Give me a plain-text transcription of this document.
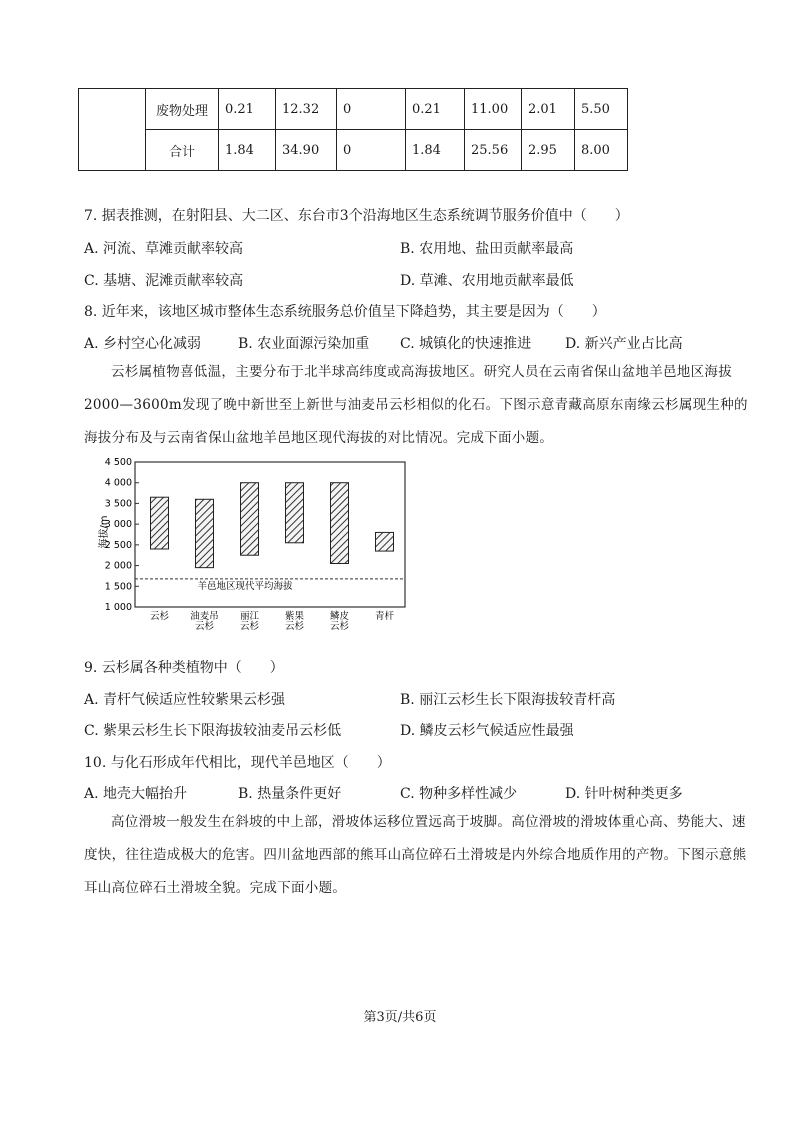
	废物处理	0.21	12.32	0	0.21	11.00	2.01	5.50
	合计	1.84	34.90	0	1.84	25.56	2.95	8.00
7. 据表推测，在射阳县、大二区、东台市3个沿海地区生态系统调节服务价值中（　　）
A. 河流、草滩贡献率较高	B. 农用地、盐田贡献率最高
C. 基塘、泥滩贡献率较高	D. 草滩、农用地贡献率最低
8. 近年来，该地区城市整体生态系统服务总价值呈下降趋势，其主要是因为（　　）
A. 乡村空心化减弱	B. 农业面源污染加重 C. 城镇化的快速推进 D. 新兴产业占比高
云杉属植物喜低温，主要分布于北半球高纬度或高海拔地区。研究人员在云南省保山盆地羊邑地区海拔2000—3600m发现了晚中新世至上新世与油麦吊云杉相似的化石。下图示意青藏高原东南缘云杉属现生种的海拔分布及与云南省保山盆地羊邑地区现代海拔的对比情况。完成下面小题。
海拔/m
1 000
1 500
2 000
2 500
3 000
3 500
4 000
4 500
云杉 油麦吊
云杉
丽江
云杉
紫果
云杉
鳞皮
云杉
青杆
羊邑地区现代平均海拔
9. 云杉属各种类植物中（　　）
A. 青杆气候适应性较紫果云杉强	B. 丽江云杉生长下限海拔较青杆高
C. 紫果云杉生长下限海拔较油麦吊云杉低	D. 鳞皮云杉气候适应性最强
10. 与化石形成年代相比，现代羊邑地区（　　）
A. 地壳大幅抬升	B. 热量条件更好	C. 物种多样性减少	D. 针叶树种类更多
高位滑坡一般发生在斜坡的中上部，滑坡体运移位置远高于坡脚。高位滑坡的滑坡体重心高、势能大、速度快，往往造成极大的危害。四川盆地西部的熊耳山高位碎石土滑坡是内外综合地质作用的产物。下图示意熊耳山高位碎石土滑坡全貌。完成下面小题。
第3页/共6页
